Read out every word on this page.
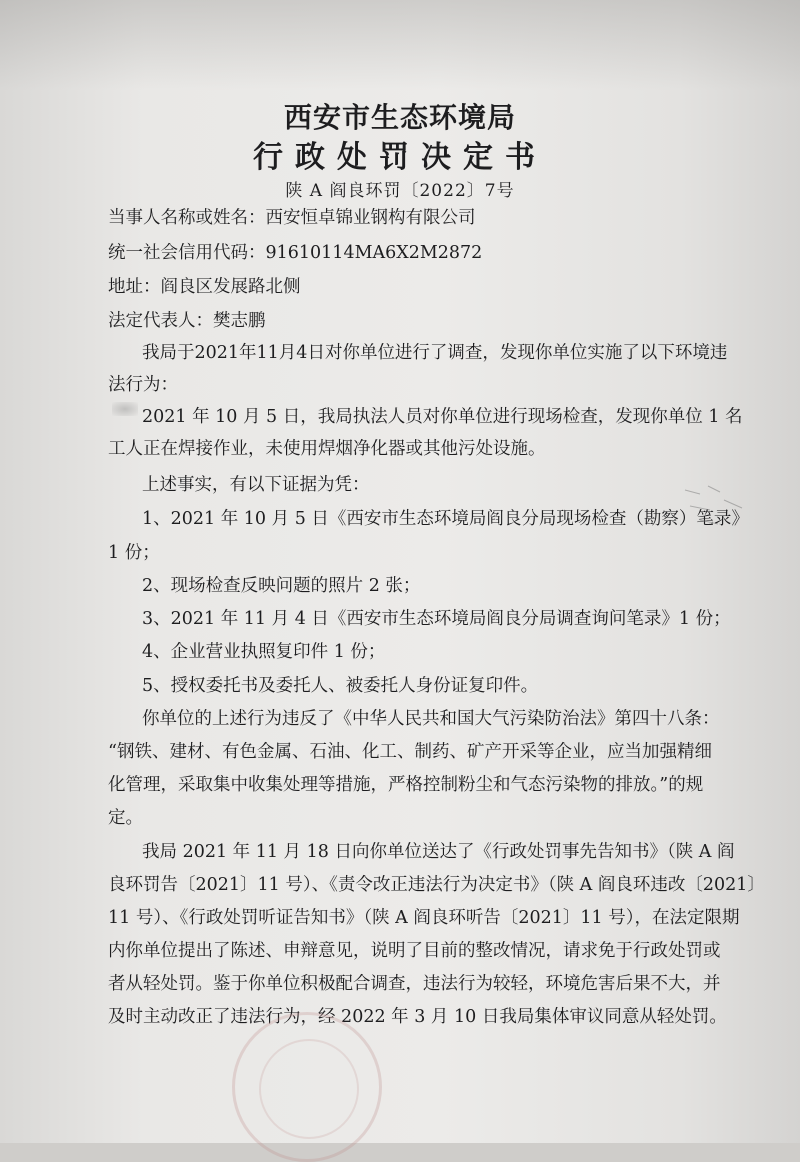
西安市生态环境局
行政处罚决定书
陕 A 阎良环罚〔2022〕7号
当事人名称或姓名：西安恒卓锦业钢构有限公司
统一社会信用代码：91610114MA6X2M2872
地址：阎良区发展路北侧
法定代表人：樊志鹏
我局于2021年11月4日对你单位进行了调查，发现你单位实施了以下环境违
法行为：
2021 年 10 月 5 日，我局执法人员对你单位进行现场检查，发现你单位 1 名
工人正在焊接作业，未使用焊烟净化器或其他污处设施。
上述事实，有以下证据为凭：
1、2021 年 10 月 5 日《西安市生态环境局阎良分局现场检查（勘察）笔录》
1 份；
2、现场检查反映问题的照片 2 张；
3、2021 年 11 月 4 日《西安市生态环境局阎良分局调查询问笔录》1 份；
4、企业营业执照复印件 1 份；
5、授权委托书及委托人、被委托人身份证复印件。
你单位的上述行为违反了《中华人民共和国大气污染防治法》第四十八条：
“钢铁、建材、有色金属、石油、化工、制药、矿产开采等企业，应当加强精细
化管理，采取集中收集处理等措施，严格控制粉尘和气态污染物的排放。”的规
定。
我局 2021 年 11 月 18 日向你单位送达了《行政处罚事先告知书》（陕 A 阎
良环罚告〔2021〕11 号）、《责令改正违法行为决定书》（陕 A 阎良环违改〔2021〕
11 号）、《行政处罚听证告知书》（陕 A 阎良环听告〔2021〕11 号），在法定限期
内你单位提出了陈述、申辩意见，说明了目前的整改情况，请求免于行政处罚或
者从轻处罚。鉴于你单位积极配合调查，违法行为较轻，环境危害后果不大，并
及时主动改正了违法行为，经 2022 年 3 月 10 日我局集体审议同意从轻处罚。
